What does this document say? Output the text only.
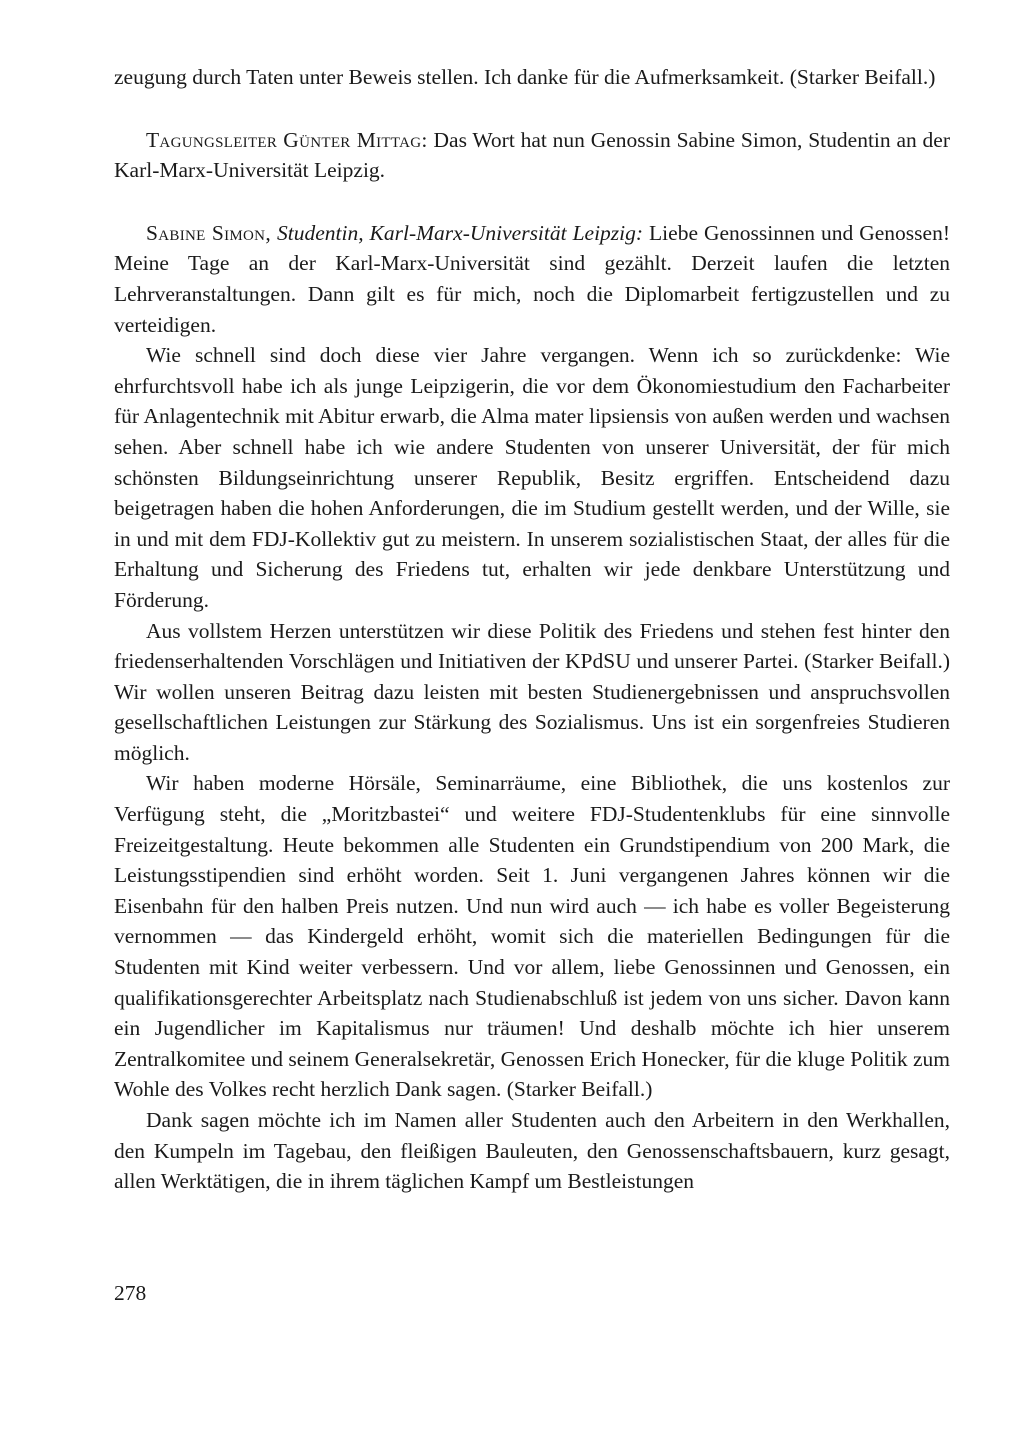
zeugung durch Taten unter Beweis stellen. Ich danke für die Aufmerksamkeit. (Starker Beifall.)

Tagungsleiter Günter Mittag: Das Wort hat nun Genossin Sabine Simon, Studentin an der Karl-Marx-Universität Leipzig.

Sabine Simon, Studentin, Karl-Marx-Universität Leipzig: Liebe Genossinnen und Genossen! Meine Tage an der Karl-Marx-Universität sind gezählt. Derzeit laufen die letzten Lehrveranstaltungen. Dann gilt es für mich, noch die Diplomarbeit fertigzustellen und zu verteidigen.

Wie schnell sind doch diese vier Jahre vergangen. Wenn ich so zurückdenke: Wie ehrfurchtsvoll habe ich als junge Leipzigerin, die vor dem Ökonomiestudium den Facharbeiter für Anlagentechnik mit Abitur erwarb, die Alma mater lipsiensis von außen werden und wachsen sehen. Aber schnell habe ich wie andere Studenten von unserer Universität, der für mich schönsten Bildungseinrichtung unserer Republik, Besitz ergriffen. Entscheidend dazu beigetragen haben die hohen Anforderungen, die im Studium gestellt werden, und der Wille, sie in und mit dem FDJ-Kollektiv gut zu meistern. In unserem sozialistischen Staat, der alles für die Erhaltung und Sicherung des Friedens tut, erhalten wir jede denkbare Unterstützung und Förderung.

Aus vollstem Herzen unterstützen wir diese Politik des Friedens und stehen fest hinter den friedenserhaltenden Vorschlägen und Initiativen der KPdSU und unserer Partei. (Starker Beifall.) Wir wollen unseren Beitrag dazu leisten mit besten Studienergebnissen und anspruchsvollen gesellschaftlichen Leistungen zur Stärkung des Sozialismus. Uns ist ein sorgenfreies Studieren möglich.

Wir haben moderne Hörsäle, Seminarräume, eine Bibliothek, die uns kostenlos zur Verfügung steht, die „Moritzbastei“ und weitere FDJ-Studentenklubs für eine sinnvolle Freizeitgestaltung. Heute bekommen alle Studenten ein Grundstipendium von 200 Mark, die Leistungsstipendien sind erhöht worden. Seit 1. Juni vergangenen Jahres können wir die Eisenbahn für den halben Preis nutzen. Und nun wird auch — ich habe es voller Begeisterung vernommen — das Kindergeld erhöht, womit sich die materiellen Bedingungen für die Studenten mit Kind weiter verbessern. Und vor allem, liebe Genossinnen und Genossen, ein qualifikationsgerechter Arbeitsplatz nach Studienabschluß ist jedem von uns sicher. Davon kann ein Jugendlicher im Kapitalismus nur träumen! Und deshalb möchte ich hier unserem Zentralkomitee und seinem Generalsekretär, Genossen Erich Honecker, für die kluge Politik zum Wohle des Volkes recht herzlich Dank sagen. (Starker Beifall.)

Dank sagen möchte ich im Namen aller Studenten auch den Arbeitern in den Werkhallen, den Kumpeln im Tagebau, den fleißigen Bauleuten, den Genossenschaftsbauern, kurz gesagt, allen Werktätigen, die in ihrem täglichen Kampf um Bestleistungen

278
